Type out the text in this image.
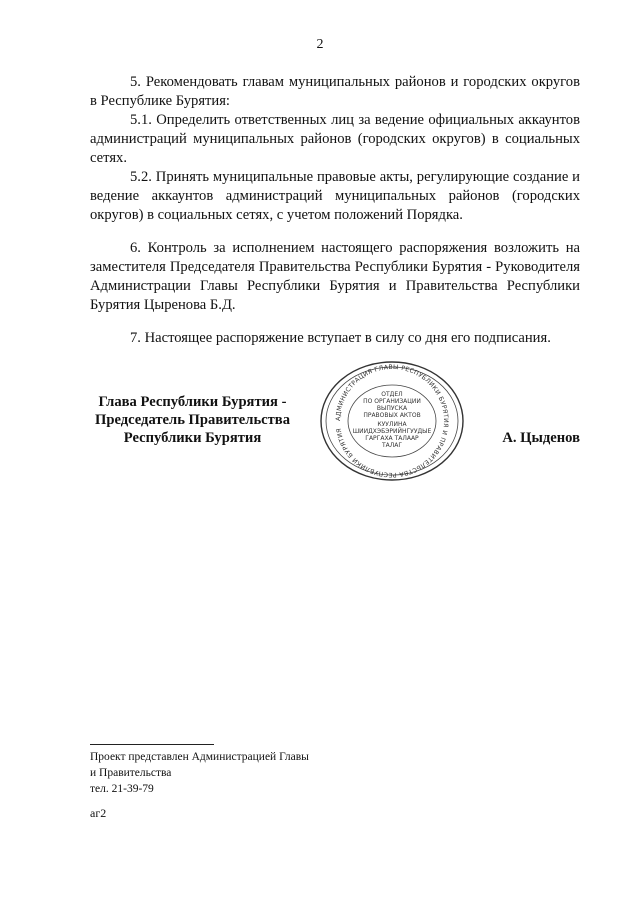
2

5. Рекомендовать главам муниципальных районов и городских округов в Республике Бурятия:

5.1. Определить ответственных лиц за ведение официальных аккаунтов администраций муниципальных районов (городских округов) в социальных сетях.

5.2. Принять муниципальные правовые акты, регулирующие создание и ведение аккаунтов администраций муниципальных районов (городских округов) в социальных сетях, с учетом положений Порядка.

6. Контроль за исполнением настоящего распоряжения возложить на заместителя Председателя Правительства Республики Бурятия - Руководителя Администрации Главы Республики Бурятия и Правительства Республики Бурятия Цыренова Б.Д.

7. Настоящее распоряжение вступает в силу со дня его подписания.

Глава Республики Бурятия -
Председатель Правительства
Республики Бурятия
АДМИНИСТРАЦИЯ ГЛАВЫ РЕСПУБЛИКИ БУРЯТИЯ И ПРАВИТЕЛЬСТВА РЕСПУБЛИКИ БУРЯТИЯ
ОТДЕЛ
ПО ОРГАНИЗАЦИИ
ВЫПУСКА
ПРАВОВЫХ АКТОВ
КУУЛИНА
ШИИДХЭБЭРИЙНГУУДЫЕ
ГАРГАХА ТАЛААР
ТАЛАГ	А. Цыденов
Проект представлен Администрацией Главы
и Правительства
тел. 21-39-79
аг2
